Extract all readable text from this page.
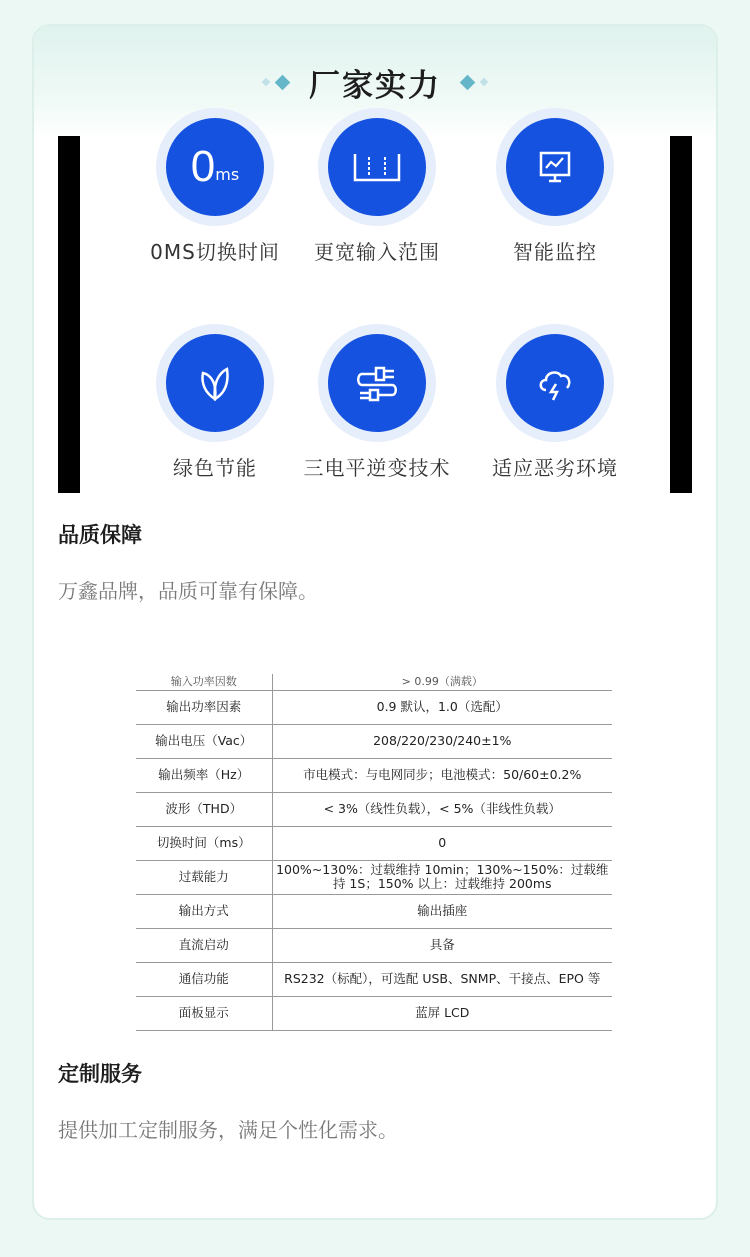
厂家实力
0 ms
0MS切换时间	更宽输入范围	智能监控
绿色节能	三电平逆变技术	适应恶劣环境
品质保障
万鑫品牌，品质可靠有保障。
输入功率因数	> 0.99（满载）
输出功率因素	0.9 默认，1.0（选配）
输出电压（Vac）	208/220/230/240±1%
输出频率（Hz）	市电模式：与电网同步；电池模式：50/60±0.2%
波形（THD）	< 3%（线性负载），< 5%（非线性负载）
切换时间（ms）	0
过载能力	100%~130%：过载维持 10min；130%~150%：过载维持 1S；150% 以上：过载维持 200ms
输出方式	输出插座
直流启动	具备
通信功能	RS232（标配），可选配 USB、SNMP、干接点、EPO 等
面板显示	蓝屏 LCD
定制服务
提供加工定制服务，满足个性化需求。
